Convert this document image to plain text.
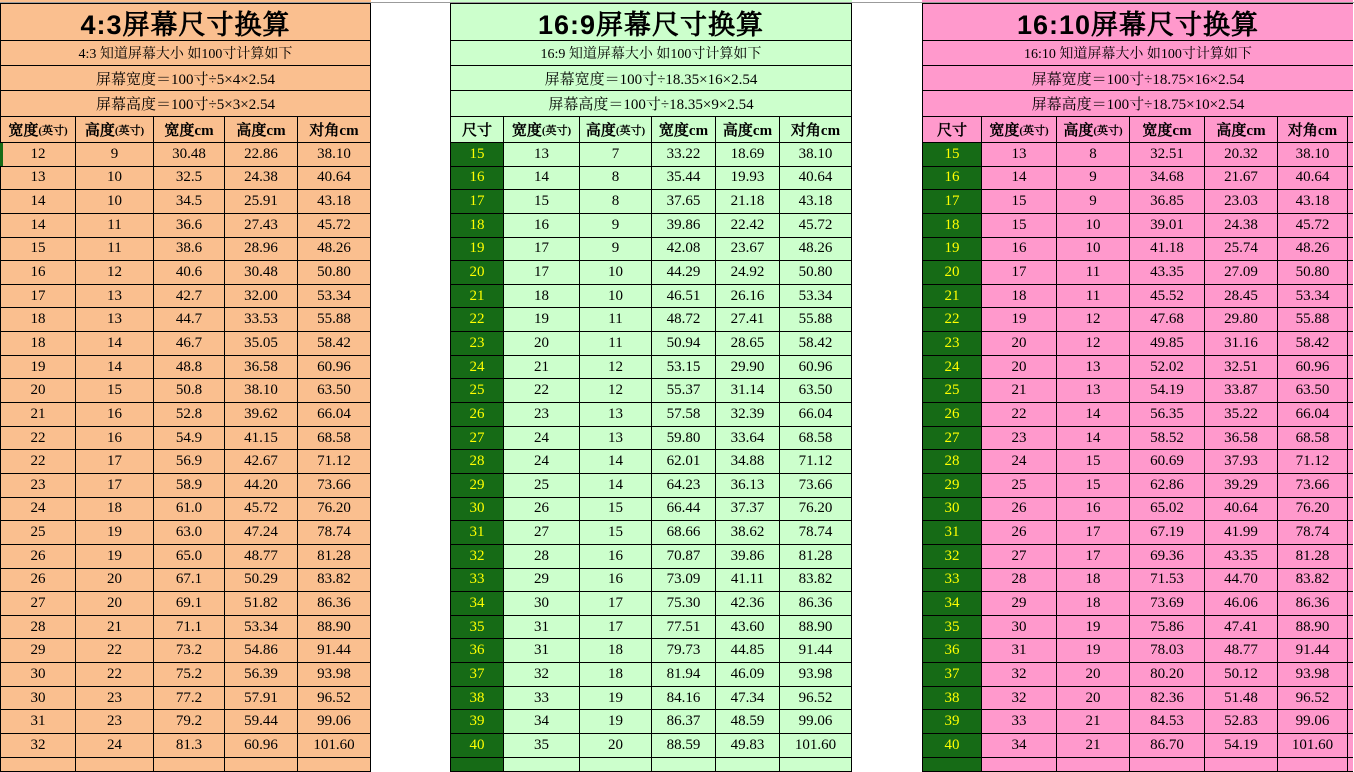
4:3屏幕尺寸换算
4:3 知道屏幕大小 如100寸计算如下
屏幕宽度＝100寸÷5×4×2.54
屏幕高度＝100寸÷5×3×2.54
宽度 (英寸) 高度 (英寸) 宽度cm 高度cm 对角cm
12	9	30.48	22.86	38.10
13	10	32.5	24.38	40.64
14	10	34.5	25.91	43.18
14	11	36.6	27.43	45.72
15	11	38.6	28.96	48.26
16	12	40.6	30.48	50.80
17	13	42.7	32.00	53.34
18	13	44.7	33.53	55.88
18	14	46.7	35.05	58.42
19	14	48.8	36.58	60.96
20	15	50.8	38.10	63.50
21	16	52.8	39.62	66.04
22	16	54.9	41.15	68.58
22	17	56.9	42.67	71.12
23	17	58.9	44.20	73.66
24	18	61.0	45.72	76.20
25	19	63.0	47.24	78.74
26	19	65.0	48.77	81.28
26	20	67.1	50.29	83.82
27	20	69.1	51.82	86.36
28	21	71.1	53.34	88.90
29	22	73.2	54.86	91.44
30	22	75.2	56.39	93.98
30	23	77.2	57.91	96.52
31	23	79.2	59.44	99.06
32	24	81.3	60.96	101.60
16:9屏幕尺寸换算
16:9 知道屏幕大小 如100寸计算如下
屏幕宽度＝100寸÷18.35×16×2.54
屏幕高度＝100寸÷18.35×9×2.54
尺寸 宽度 (英寸) 高度 (英寸) 宽度cm 高度cm 对角cm
15	13	7	33.22	18.69	38.10
16	14	8	35.44	19.93	40.64
17	15	8	37.65	21.18	43.18
18	16	9	39.86	22.42	45.72
19	17	9	42.08	23.67	48.26
20	17	10	44.29	24.92	50.80
21	18	10	46.51	26.16	53.34
22	19	11	48.72	27.41	55.88
23	20	11	50.94	28.65	58.42
24	21	12	53.15	29.90	60.96
25	22	12	55.37	31.14	63.50
26	23	13	57.58	32.39	66.04
27	24	13	59.80	33.64	68.58
28	24	14	62.01	34.88	71.12
29	25	14	64.23	36.13	73.66
30	26	15	66.44	37.37	76.20
31	27	15	68.66	38.62	78.74
32	28	16	70.87	39.86	81.28
33	29	16	73.09	41.11	83.82
34	30	17	75.30	42.36	86.36
35	31	17	77.51	43.60	88.90
36	31	18	79.73	44.85	91.44
37	32	18	81.94	46.09	93.98
38	33	19	84.16	47.34	96.52
39	34	19	86.37	48.59	99.06
40	35	20	88.59	49.83	101.60
16:10屏幕尺寸换算
16:10 知道屏幕大小 如100寸计算如下
屏幕宽度＝100寸÷18.75×16×2.54
屏幕高度＝100寸÷18.75×10×2.54
尺寸 宽度 (英寸) 高度 (英寸) 宽度cm 高度cm 对角cm
15	13	8	32.51	20.32	38.10
16	14	9	34.68	21.67	40.64
17	15	9	36.85	23.03	43.18
18	15	10	39.01	24.38	45.72
19	16	10	41.18	25.74	48.26
20	17	11	43.35	27.09	50.80
21	18	11	45.52	28.45	53.34
22	19	12	47.68	29.80	55.88
23	20	12	49.85	31.16	58.42
24	20	13	52.02	32.51	60.96
25	21	13	54.19	33.87	63.50
26	22	14	56.35	35.22	66.04
27	23	14	58.52	36.58	68.58
28	24	15	60.69	37.93	71.12
29	25	15	62.86	39.29	73.66
30	26	16	65.02	40.64	76.20
31	26	17	67.19	41.99	78.74
32	27	17	69.36	43.35	81.28
33	28	18	71.53	44.70	83.82
34	29	18	73.69	46.06	86.36
35	30	19	75.86	47.41	88.90
36	31	19	78.03	48.77	91.44
37	32	20	80.20	50.12	93.98
38	32	20	82.36	51.48	96.52
39	33	21	84.53	52.83	99.06
40	34	21	86.70	54.19	101.60
